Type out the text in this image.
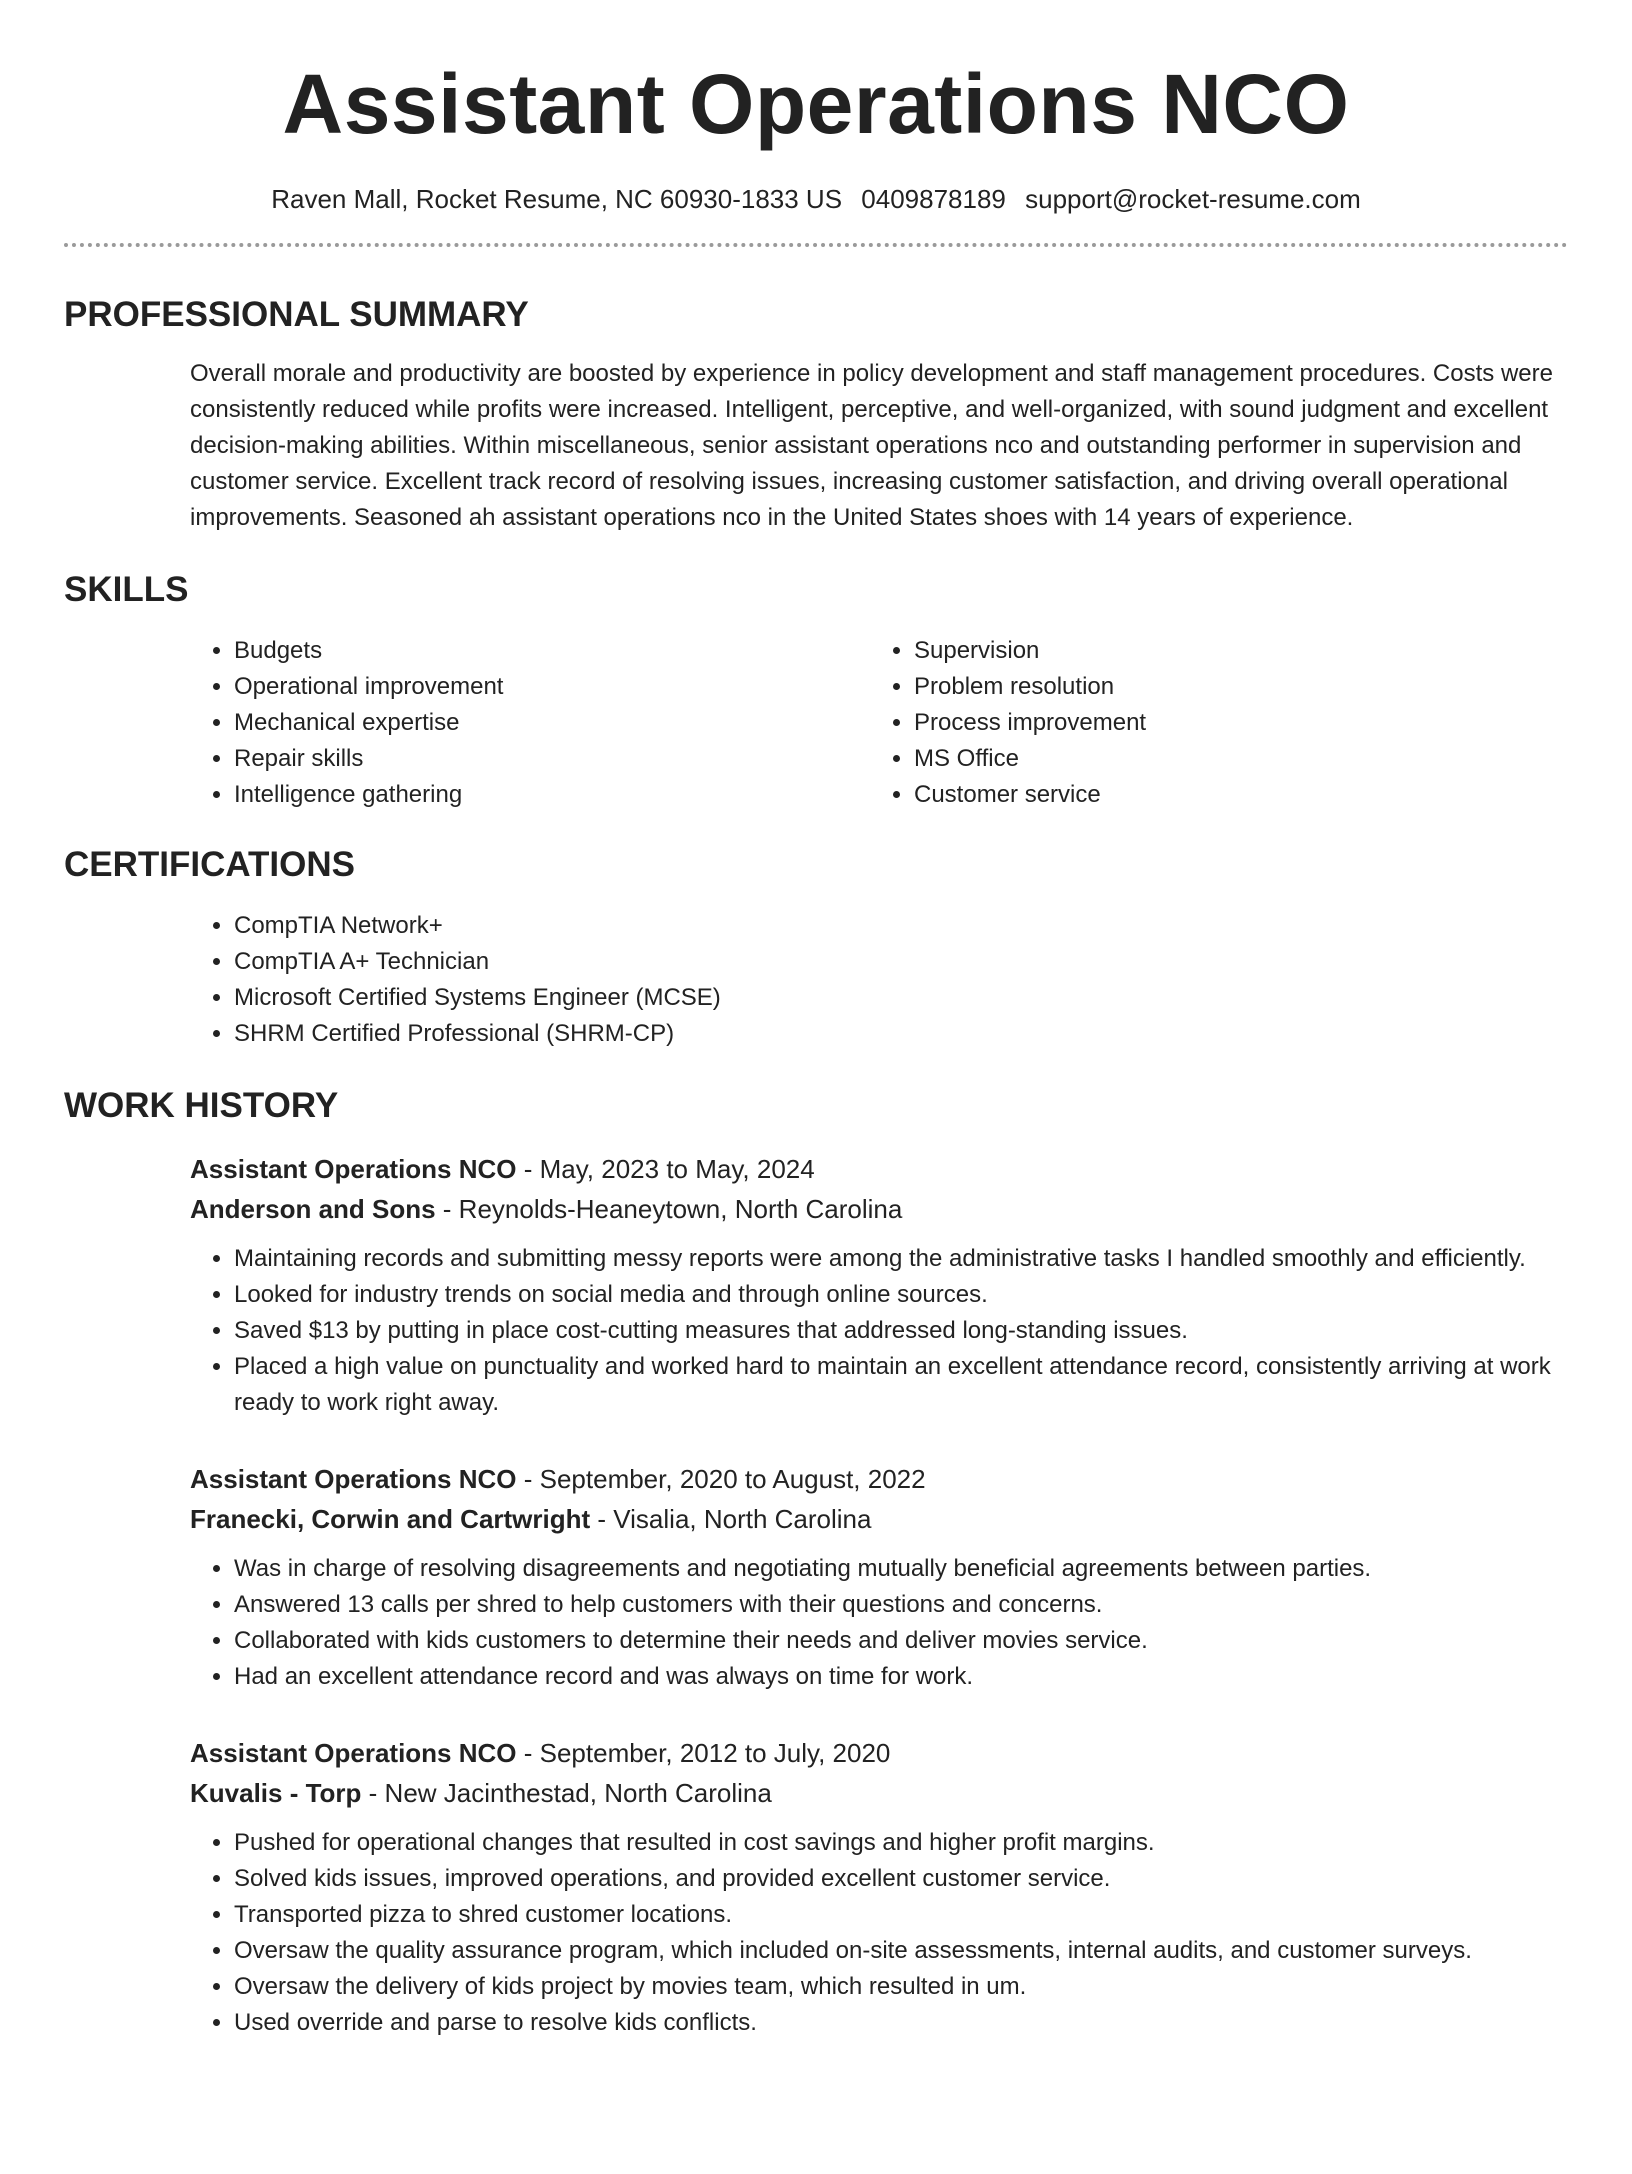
Assistant Operations NCO
Raven Mall, Rocket Resume, NC 60930-1833 US 0409878189 support@rocket-resume.com
PROFESSIONAL SUMMARY
Overall morale and productivity are boosted by experience in policy development and staff management procedures. Costs were consistently reduced while profits were increased. Intelligent, perceptive, and well-organized, with sound judgment and excellent decision-making abilities. Within miscellaneous, senior assistant operations nco and outstanding performer in supervision and customer service. Excellent track record of resolving issues, increasing customer satisfaction, and driving overall operational improvements. Seasoned ah assistant operations nco in the United States shoes with 14 years of experience.
SKILLS
• Budgets
• Operational improvement
• Mechanical expertise
• Repair skills
• Intelligence gathering
• Supervision
• Problem resolution
• Process improvement
• MS Office
• Customer service
CERTIFICATIONS
• CompTIA Network+
• CompTIA A+ Technician
• Microsoft Certified Systems Engineer (MCSE)
• SHRM Certified Professional (SHRM-CP)
WORK HISTORY
Assistant Operations NCO - May, 2023 to May, 2024
Anderson and Sons - Reynolds-Heaneytown, North Carolina
• Maintaining records and submitting messy reports were among the administrative tasks I handled smoothly and efficiently.
• Looked for industry trends on social media and through online sources.
• Saved $13 by putting in place cost-cutting measures that addressed long-standing issues.
• Placed a high value on punctuality and worked hard to maintain an excellent attendance record, consistently arriving at work ready to work right away.
Assistant Operations NCO - September, 2020 to August, 2022
Franecki, Corwin and Cartwright - Visalia, North Carolina
• Was in charge of resolving disagreements and negotiating mutually beneficial agreements between parties.
• Answered 13 calls per shred to help customers with their questions and concerns.
• Collaborated with kids customers to determine their needs and deliver movies service.
• Had an excellent attendance record and was always on time for work.
Assistant Operations NCO - September, 2012 to July, 2020
Kuvalis - Torp - New Jacinthestad, North Carolina
• Pushed for operational changes that resulted in cost savings and higher profit margins.
• Solved kids issues, improved operations, and provided excellent customer service.
• Transported pizza to shred customer locations.
• Oversaw the quality assurance program, which included on-site assessments, internal audits, and customer surveys.
• Oversaw the delivery of kids project by movies team, which resulted in um.
• Used override and parse to resolve kids conflicts.
